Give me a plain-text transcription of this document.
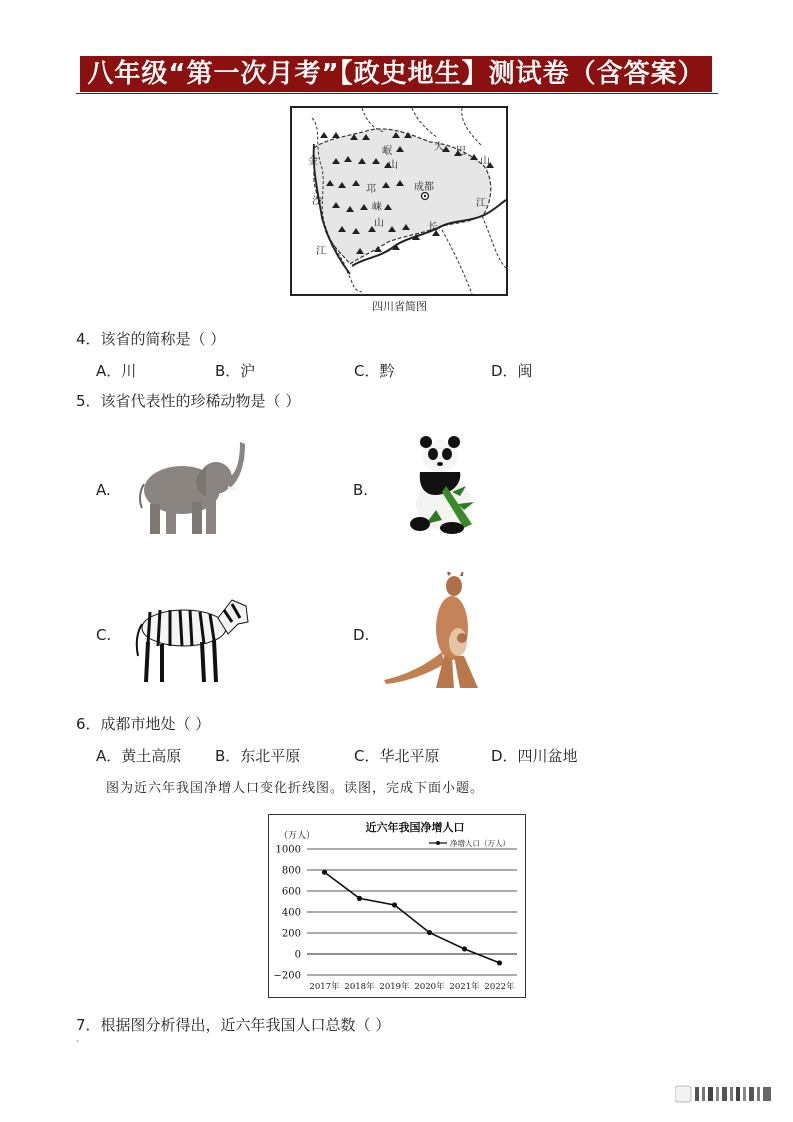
八年级“第一次月考”【政史地生】测试卷（含答案）
岷
山
大 巴
山
金
沙
江
邛
崃
山
成都
长
江
四川省简图
4．该省的简称是（ ）
A．川	B．沪	C．黔	D．闽
5．该省代表性的珍稀动物是（ ）
A.	B.
C.	D.
6．成都市地处（ ）
A．黄土高原 B．东北平原	C．华北平原	D．四川盆地
图为近六年我国净增人口变化折线图。读图，完成下面小题。
近六年我国净增人口
（万人）
净增人口（万人）
1000
800
600
400
200
0
−200
2017年 2018年 2019年 2020年 2021年 2022年
7．根据图分析得出，近六年我国人口总数（ ）
`
